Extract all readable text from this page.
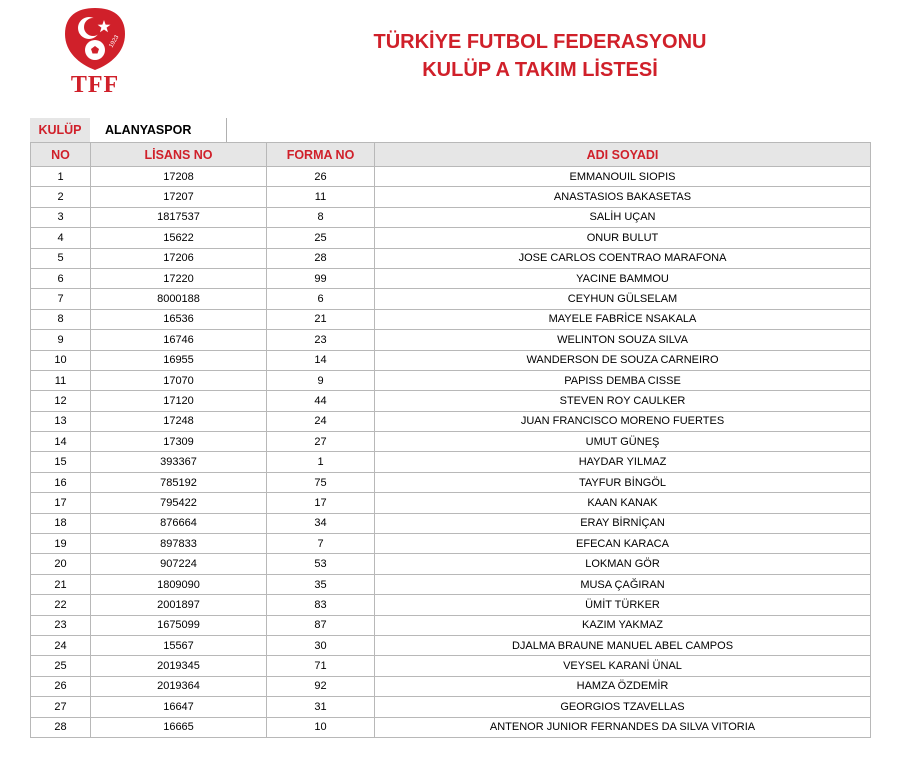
1923
TFF
TÜRKİYE FUTBOL FEDERASYONU
KULÜP A TAKIM LİSTESİ
KULÜP	ALANYASPOR
NO	LİSANS NO	FORMA NO	ADI SOYADI
1	17208	26	EMMANOUIL SIOPIS
2	17207	11	ANASTASIOS BAKASETAS
3	1817537	8	SALİH UÇAN
4	15622	25	ONUR BULUT
5	17206	28	JOSE CARLOS COENTRAO MARAFONA
6	17220	99	YACINE BAMMOU
7	8000188	6	CEYHUN GÜLSELAM
8	16536	21	MAYELE FABRİCE NSAKALA
9	16746	23	WELINTON SOUZA SILVA
10	16955	14	WANDERSON DE SOUZA CARNEIRO
11	17070	9	PAPISS DEMBA CISSE
12	17120	44	STEVEN ROY CAULKER
13	17248	24	JUAN FRANCISCO MORENO FUERTES
14	17309	27	UMUT GÜNEŞ
15	393367	1	HAYDAR YILMAZ
16	785192	75	TAYFUR BİNGÖL
17	795422	17	KAAN KANAK
18	876664	34	ERAY BİRNİÇAN
19	897833	7	EFECAN KARACA
20	907224	53	LOKMAN GÖR
21	1809090	35	MUSA ÇAĞIRAN
22	2001897	83	ÜMİT TÜRKER
23	1675099	87	KAZIM YAKMAZ
24	15567	30	DJALMA BRAUNE MANUEL ABEL CAMPOS
25	2019345	71	VEYSEL KARANİ ÜNAL
26	2019364	92	HAMZA ÖZDEMİR
27	16647	31	GEORGIOS TZAVELLAS
28	16665	10	ANTENOR JUNIOR FERNANDES DA SILVA VITORIA
